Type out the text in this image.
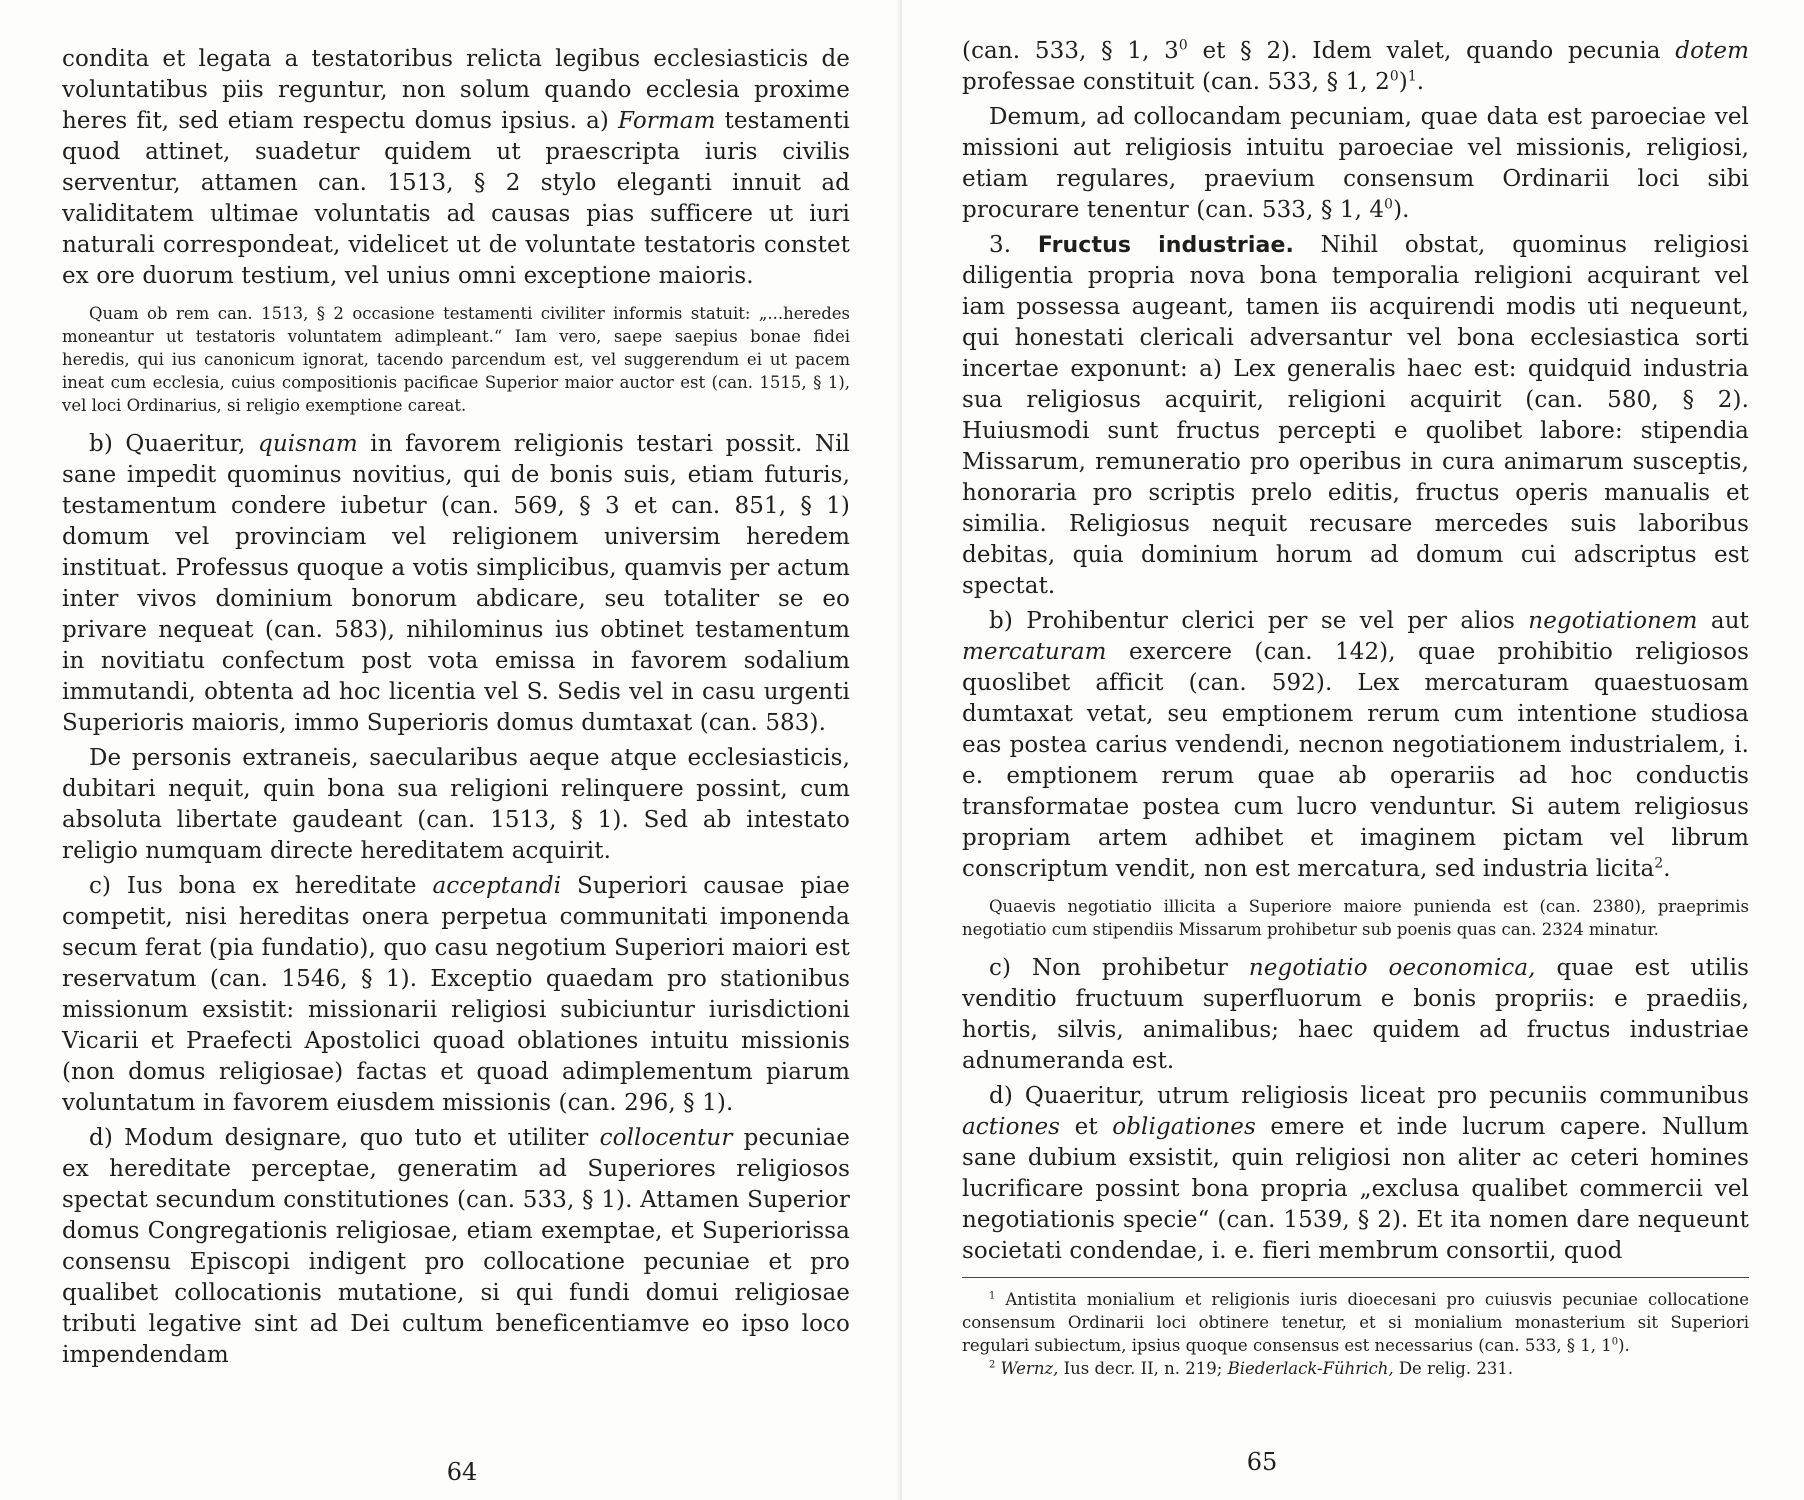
condita et legata a testatoribus relicta legibus ecclesiasticis de voluntatibus piis reguntur, non solum quando ecclesia proxime heres fit, sed etiam respectu domus ipsius. a) Formam testamenti quod attinet, suadetur quidem ut praescripta iuris civilis serventur, attamen can. 1513, § 2 stylo eleganti innuit ad validitatem ultimae voluntatis ad causas pias sufficere ut iuri naturali correspondeat, videlicet ut de voluntate testatoris constet ex ore duorum testium, vel unius omni exceptione maioris.

Quam ob rem can. 1513, § 2 occasione testamenti civiliter informis statuit: „...heredes moneantur ut testatoris voluntatem adimpleant.“ Iam vero, saepe saepius bonae fidei heredis, qui ius canonicum ignorat, tacendo parcendum est, vel suggerendum ei ut pacem ineat cum ecclesia, cuius compositionis pacificae Superior maior auctor est (can. 1515, § 1), vel loci Ordinarius, si religio exemptione careat.

b) Quaeritur, quisnam in favorem religionis testari possit. Nil sane impedit quominus novitius, qui de bonis suis, etiam futuris, testamentum condere iubetur (can. 569, § 3 et can. 851, § 1) domum vel provinciam vel religionem universim heredem instituat. Professus quoque a votis simplicibus, quamvis per actum inter vivos dominium bonorum abdicare, seu totaliter se eo privare nequeat (can. 583), nihilominus ius obtinet testamentum in novitiatu confectum post vota emissa in favorem sodalium immutandi, obtenta ad hoc licentia vel S. Sedis vel in casu urgenti Superioris maioris, immo Superioris domus dumtaxat (can. 583).

De personis extraneis, saecularibus aeque atque ecclesiasticis, dubitari nequit, quin bona sua religioni relinquere possint, cum absoluta libertate gaudeant (can. 1513, § 1). Sed ab intestato religio numquam directe hereditatem acquirit.

c) Ius bona ex hereditate acceptandi Superiori causae piae competit, nisi hereditas onera perpetua communitati imponenda secum ferat (pia fundatio), quo casu negotium Superiori maiori est reservatum (can. 1546, § 1). Exceptio quaedam pro stationibus missionum exsistit: missionarii religiosi subiciuntur iurisdictioni Vicarii et Praefecti Apostolici quoad oblationes intuitu missionis (non domus religiosae) factas et quoad adimplementum piarum voluntatum in favorem eiusdem missionis (can. 296, § 1).

d) Modum designare, quo tuto et utiliter collocentur pecuniae ex hereditate perceptae, generatim ad Superiores religiosos spectat secundum constitutiones (can. 533, § 1). Attamen Superior domus Congregationis religiosae, etiam exemptae, et Superiorissa consensu Episcopi indigent pro collocatione pecuniae et pro qualibet collocationis mutatione, si qui fundi domui religiosae tributi legative sint ad Dei cultum beneficentiamve eo ipso loco impendendam

64

(can. 533, § 1, $3^0$ et § 2). Idem valet, quando pecunia dotem professae constituit (can. 533, § 1, $2^0)^1$.

Demum, ad collocandam pecuniam, quae data est paroeciae vel missioni aut religiosis intuitu paroeciae vel missionis, religiosi, etiam regulares, praevium consensum Ordinarii loci sibi procurare tenentur (can. 533, § 1, $4^0$).

3. Fructus industriae. Nihil obstat, quominus religiosi diligentia propria nova bona temporalia religioni acquirant vel iam possessa augeant, tamen iis acquirendi modis uti nequeunt, qui honestati clericali adversantur vel bona ecclesiastica sorti incertae exponunt: a) Lex generalis haec est: quidquid industria sua religiosus acquirit, religioni acquirit (can. 580, § 2). Huiusmodi sunt fructus percepti e quolibet labore: stipendia Missarum, remuneratio pro operibus in cura animarum susceptis, honoraria pro scriptis prelo editis, fructus operis manualis et similia. Religiosus nequit recusare mercedes suis laboribus debitas, quia dominium horum ad domum cui adscriptus est spectat.

b) Prohibentur clerici per se vel per alios negotiationem aut mercaturam exercere (can. 142), quae prohibitio religiosos quoslibet afficit (can. 592). Lex mercaturam quaestuosam dumtaxat vetat, seu emptionem rerum cum intentione studiosa eas postea carius vendendi, necnon negotiationem industrialem, i. e. emptionem rerum quae ab operariis ad hoc conductis transformatae postea cum lucro venduntur. Si autem religiosus propriam artem adhibet et imaginem pictam vel librum conscriptum vendit, non est mercatura, sed industria licita$^2$.

Quaevis negotiatio illicita a Superiore maiore punienda est (can. 2380), praeprimis negotiatio cum stipendiis Missarum prohibetur sub poenis quas can. 2324 minatur.

c) Non prohibetur negotiatio oeconomica, quae est utilis venditio fructuum superfluorum e bonis propriis: e praediis, hortis, silvis, animalibus; haec quidem ad fructus industriae adnumeranda est.

d) Quaeritur, utrum religiosis liceat pro pecuniis communibus actiones et obligationes emere et inde lucrum capere. Nullum sane dubium exsistit, quin religiosi non aliter ac ceteri homines lucrificare possint bona propria „exclusa qualibet commercii vel negotiationis specie“ (can. 1539, § 2). Et ita nomen dare nequeunt societati condendae, i. e. fieri membrum consortii, quod

$^1$ Antistita monialium et religionis iuris dioecesani pro cuiusvis pecuniae collocatione consensum Ordinarii loci obtinere tenetur, et si monialium monasterium sit Superiori regulari subiectum, ipsius quoque consensus est necessarius (can. 533, § 1, $1^0$).

$^2$ Wernz, Ius decr. II, n. 219; Biederlack-Führich, De relig. 231.

65
